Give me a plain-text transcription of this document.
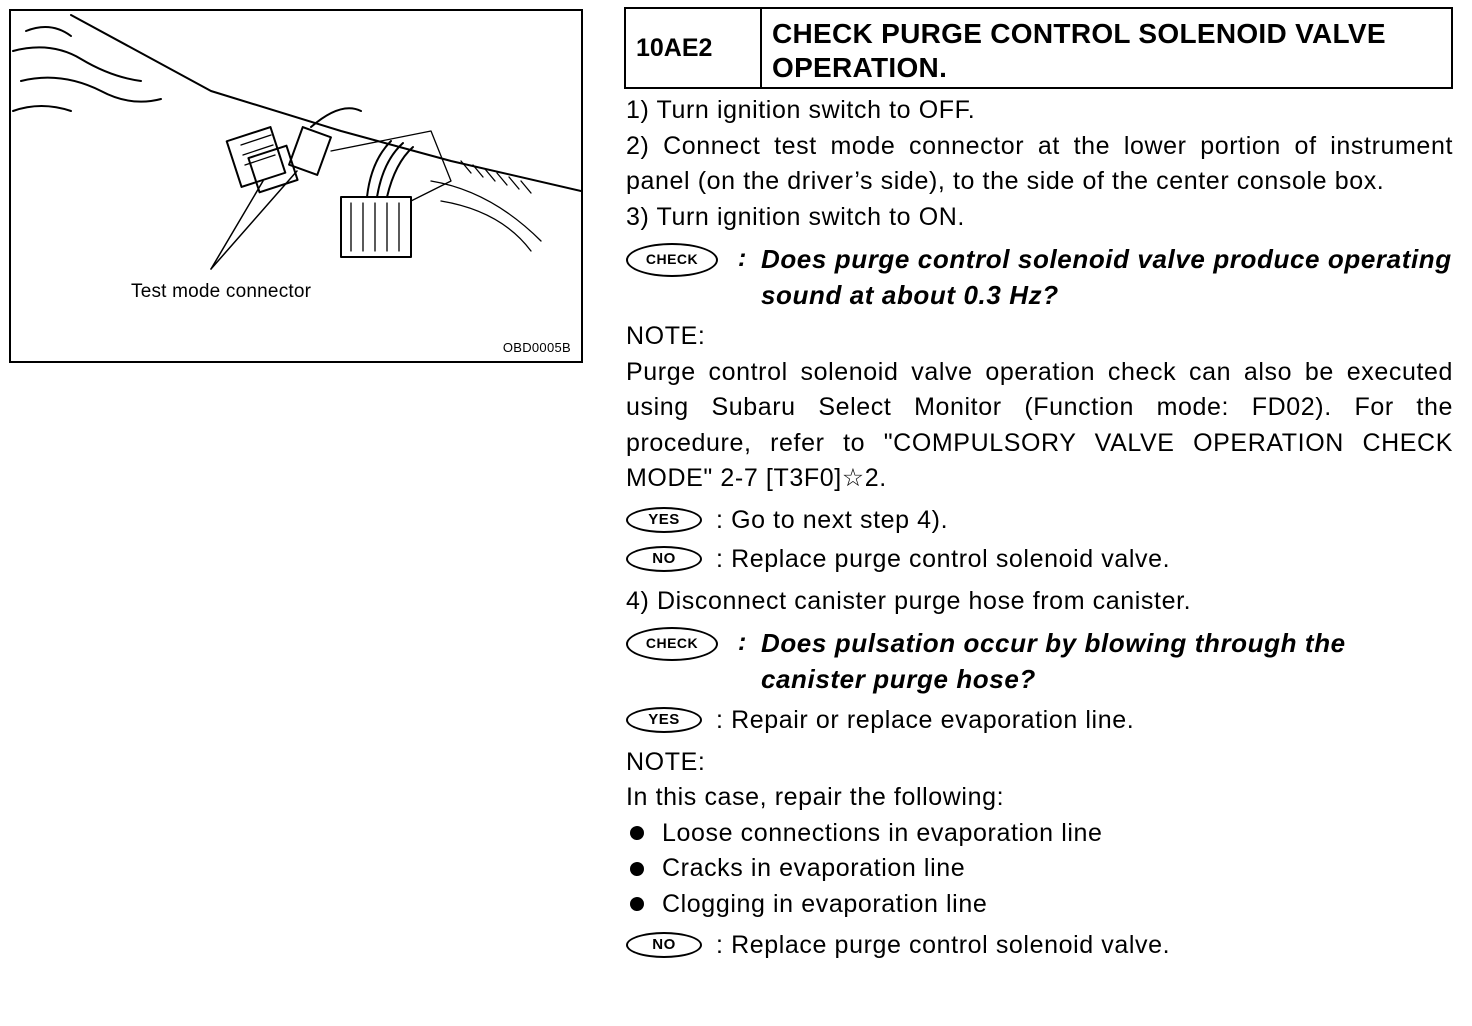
Test mode connector
OBD0005B
10AE2	CHECK PURGE CONTROL SOLENOID VALVE OPERATION.

1) Turn ignition switch to OFF.

2) Connect test mode connector at the lower portion of instrument panel (on the driver’s side), to the side of the center console box.

3) Turn ignition switch to ON.

CHECK	: Does purge control solenoid valve produce operating sound at about 0.3 Hz?

NOTE:

Purge control solenoid valve operation check can also be executed using Subaru Select Monitor (Function mode: FD02). For the procedure, refer to "COMPULSORY VALVE OPERATION CHECK MODE" 2-7 [T3F0]☆2.

YES	: Go to next step 4).
NO	: Replace purge control solenoid valve.

4) Disconnect canister purge hose from canister.

CHECK	: Does pulsation occur by blowing through the canister purge hose?
YES	: Repair or replace evaporation line.

NOTE:

In this case, repair the following:

Loose connections in evaporation line
Cracks in evaporation line
Clogging in evaporation line
NO	: Replace purge control solenoid valve.
